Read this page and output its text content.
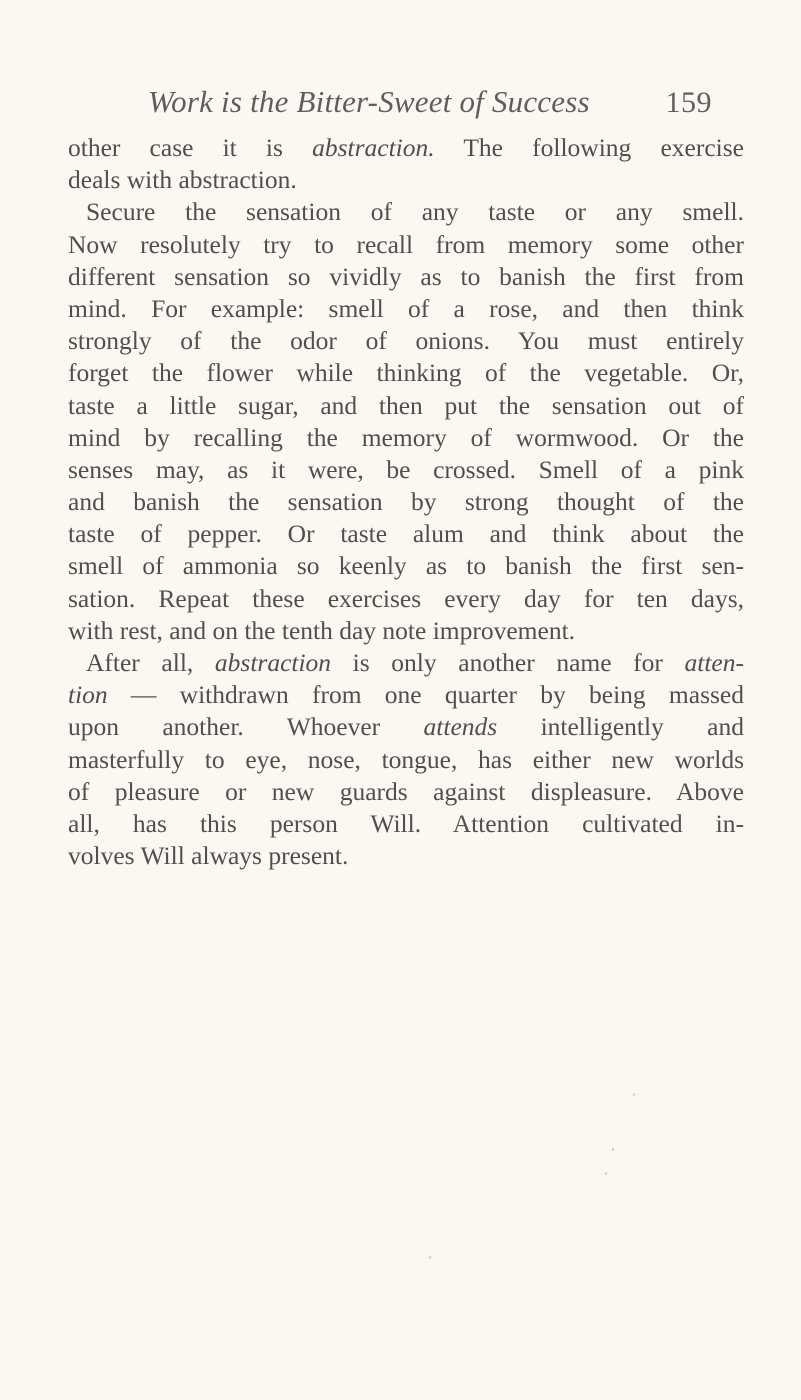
Work is the Bitter-Sweet of Success	159
other case it is abstraction. The following exercise
deals with abstraction.
Secure the sensation of any taste or any smell.
Now resolutely try to recall from memory some other
different sensation so vividly as to banish the first from
mind. For example: smell of a rose, and then think
strongly of the odor of onions. You must entirely
forget the flower while thinking of the vegetable. Or,
taste a little sugar, and then put the sensation out of
mind by recalling the memory of wormwood. Or the
senses may, as it were, be crossed. Smell of a pink
and banish the sensation by strong thought of the
taste of pepper. Or taste alum and think about the
smell of ammonia so keenly as to banish the first sen-
sation. Repeat these exercises every day for ten days,
with rest, and on the tenth day note improvement.
After all, abstraction is only another name for atten-
tion — withdrawn from one quarter by being massed
upon another. Whoever attends intelligently and
masterfully to eye, nose, tongue, has either new worlds
of pleasure or new guards against displeasure. Above
all, has this person Will. Attention cultivated in-
volves Will always present.
